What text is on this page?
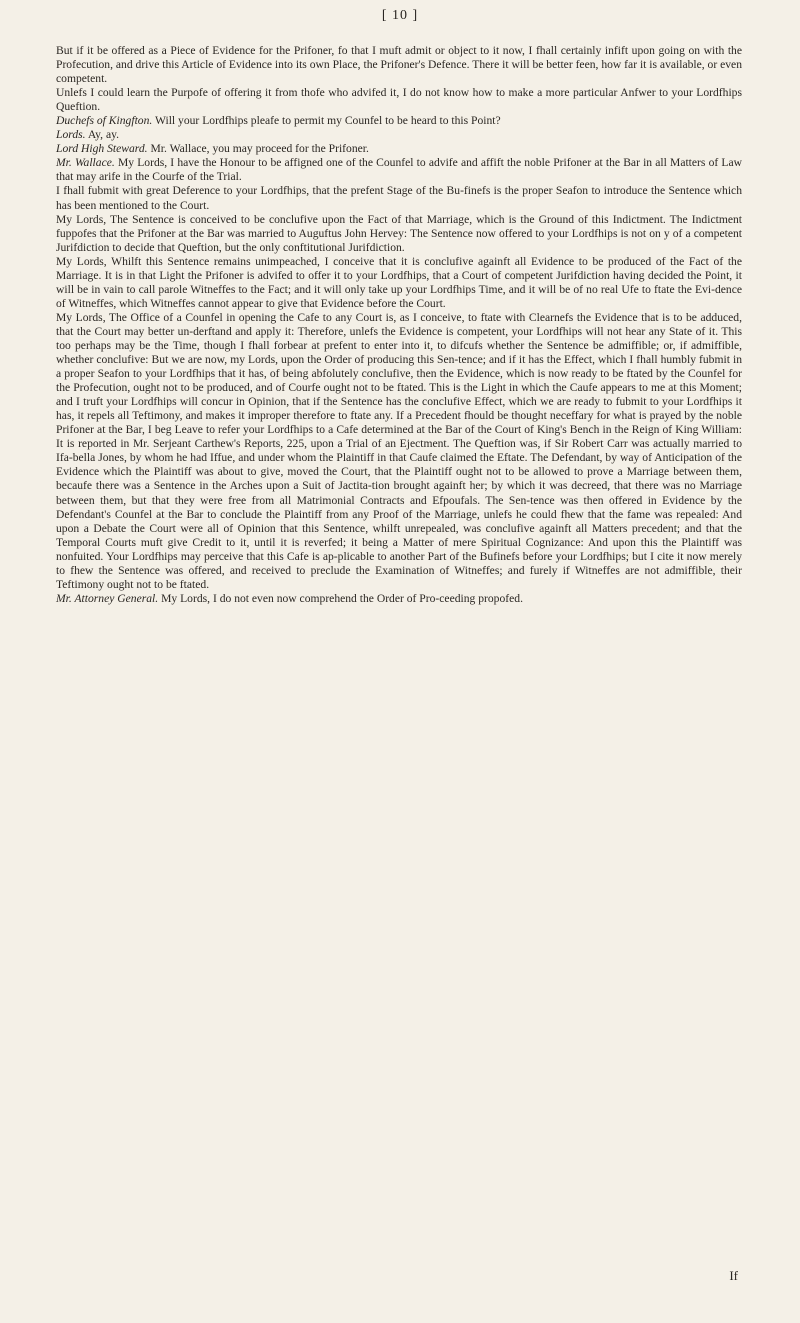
[ 10 ]

But if it be offered as a Piece of Evidence for the Prifoner, fo that I muft admit or object to it now, I fhall certainly infift upon going on with the Profecution, and drive this Article of Evidence into its own Place, the Prifoner's Defence. There it will be better feen, how far it is available, or even competent.

Unlefs I could learn the Purpofe of offering it from thofe who advifed it, I do not know how to make a more particular Anfwer to your Lordfhips Queftion.

Duchefs of Kingfton. Will your Lordfhips pleafe to permit my Counfel to be heard to this Point?

Lords. Ay, ay.

Lord High Steward. Mr. Wallace, you may proceed for the Prifoner.

Mr. Wallace. My Lords, I have the Honour to be affigned one of the Counfel to advife and affift the noble Prifoner at the Bar in all Matters of Law that may arife in the Courfe of the Trial.

I fhall fubmit with great Deference to your Lordfhips, that the prefent Stage of the Bu-finefs is the proper Seafon to introduce the Sentence which has been mentioned to the Court.

My Lords, The Sentence is conceived to be conclufive upon the Fact of that Marriage, which is the Ground of this Indictment. The Indictment fuppofes that the Prifoner at the Bar was married to Auguftus John Hervey: The Sentence now offered to your Lordfhips is not on y of a competent Jurifdiction to decide that Queftion, but the only conftitutional Jurifdiction.

My Lords, Whilft this Sentence remains unimpeached, I conceive that it is conclufive againft all Evidence to be produced of the Fact of the Marriage. It is in that Light the Prifoner is advifed to offer it to your Lordfhips, that a Court of competent Jurifdiction having decided the Point, it will be in vain to call parole Witneffes to the Fact; and it will only take up your Lordfhips Time, and it will be of no real Ufe to ftate the Evi-dence of Witneffes, which Witneffes cannot appear to give that Evidence before the Court.

My Lords, The Office of a Counfel in opening the Cafe to any Court is, as I conceive, to ftate with Clearnefs the Evidence that is to be adduced, that the Court may better un-derftand and apply it: Therefore, unlefs the Evidence is competent, your Lordfhips will not hear any State of it. This too perhaps may be the Time, though I fhall forbear at prefent to enter into it, to difcufs whether the Sentence be admiffible; or, if admiffible, whether conclufive: But we are now, my Lords, upon the Order of producing this Sen-tence; and if it has the Effect, which I fhall humbly fubmit in a proper Seafon to your Lordfhips that it has, of being abfolutely conclufive, then the Evidence, which is now ready to be ftated by the Counfel for the Profecution, ought not to be produced, and of Courfe ought not to be ftated. This is the Light in which the Caufe appears to me at this Moment; and I truft your Lordfhips will concur in Opinion, that if the Sentence has the conclufive Effect, which we are ready to fubmit to your Lordfhips it has, it repels all Teftimony, and makes it improper therefore to ftate any. If a Precedent fhould be thought neceffary for what is prayed by the noble Prifoner at the Bar, I beg Leave to refer your Lordfhips to a Cafe determined at the Bar of the Court of King's Bench in the Reign of King William: It is reported in Mr. Serjeant Carthew's Reports, 225, upon a Trial of an Ejectment. The Queftion was, if Sir Robert Carr was actually married to Ifa-bella Jones, by whom he had Iffue, and under whom the Plaintiff in that Caufe claimed the Eftate. The Defendant, by way of Anticipation of the Evidence which the Plaintiff was about to give, moved the Court, that the Plaintiff ought not to be allowed to prove a Marriage between them, becaufe there was a Sentence in the Arches upon a Suit of Jactita-tion brought againft her; by which it was decreed, that there was no Marriage between them, but that they were free from all Matrimonial Contracts and Efpoufals. The Sen-tence was then offered in Evidence by the Defendant's Counfel at the Bar to conclude the Plaintiff from any Proof of the Marriage, unlefs he could fhew that the fame was repealed: And upon a Debate the Court were all of Opinion that this Sentence, whilft unrepealed, was conclufive againft all Matters precedent; and that the Temporal Courts muft give Credit to it, until it is reverfed; it being a Matter of mere Spiritual Cognizance: And upon this the Plaintiff was nonfuited. Your Lordfhips may perceive that this Cafe is ap-plicable to another Part of the Bufinefs before your Lordfhips; but I cite it now merely to fhew the Sentence was offered, and received to preclude the Examination of Witneffes; and furely if Witneffes are not admiffible, their Teftimony ought not to be ftated.

Mr. Attorney General. My Lords, I do not even now comprehend the Order of Pro-ceeding propofed.

If
